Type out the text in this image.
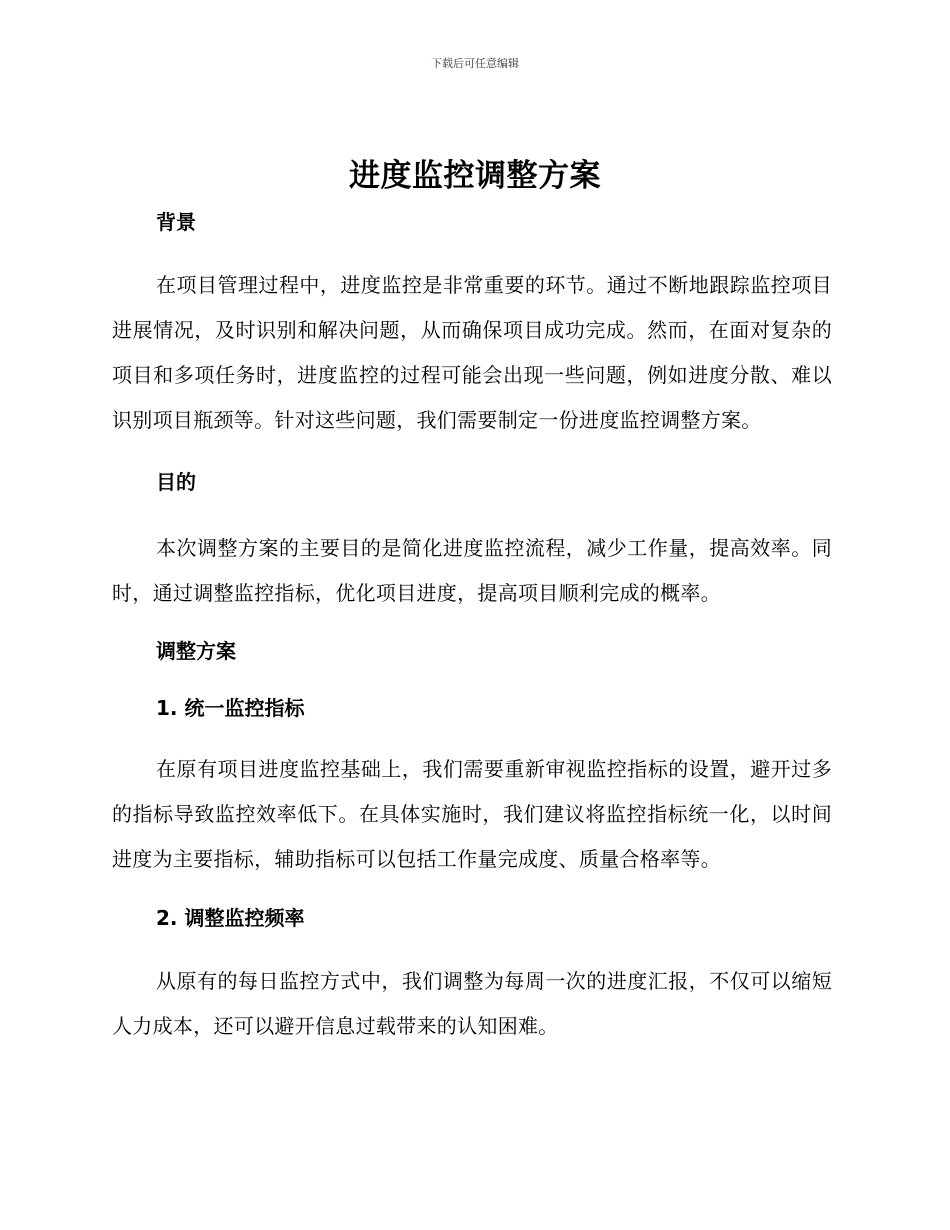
下载后可任意编辑
进度监控调整方案

背景

在项目管理过程中，进度监控是非常重要的环节。通过不断地跟踪监控项目进展情况，及时识别和解决问题，从而确保项目成功完成。然而，在面对复杂的项目和多项任务时，进度监控的过程可能会出现一些问题，例如进度分散、难以识别项目瓶颈等。针对这些问题，我们需要制定一份进度监控调整方案。

目的

本次调整方案的主要目的是简化进度监控流程，减少工作量，提高效率。同时，通过调整监控指标，优化项目进度，提高项目顺利完成的概率。

调整方案

1. 统一监控指标

在原有项目进度监控基础上，我们需要重新审视监控指标的设置，避开过多的指标导致监控效率低下。在具体实施时，我们建议将监控指标统一化，以时间进度为主要指标，辅助指标可以包括工作量完成度、质量合格率等。

2. 调整监控频率

从原有的每日监控方式中，我们调整为每周一次的进度汇报，不仅可以缩短人力成本，还可以避开信息过载带来的认知困难。
